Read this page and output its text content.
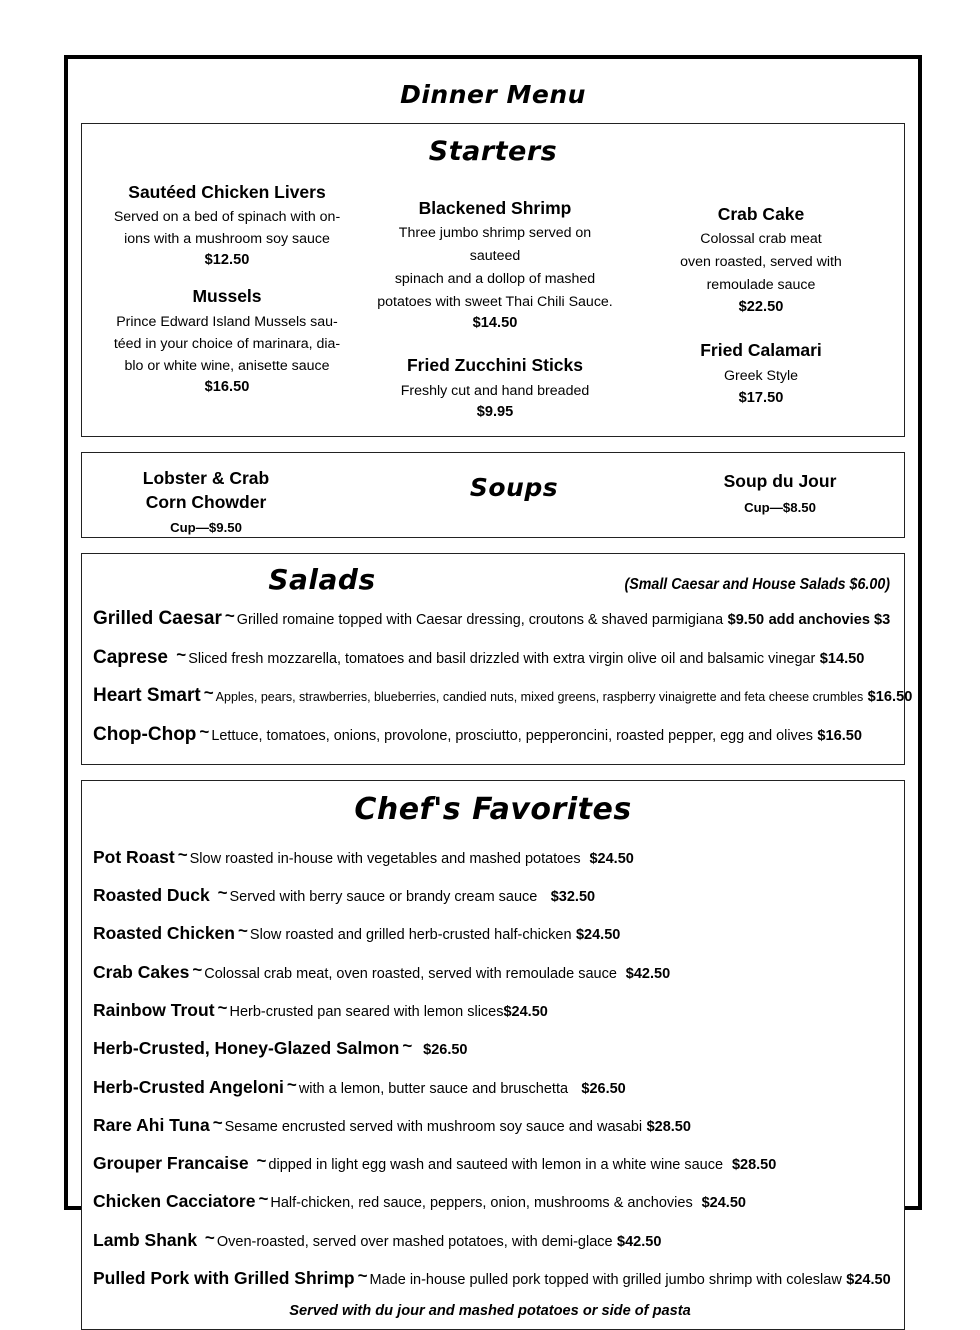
Dinner Menu
Starters
Sautéed Chicken Livers
Served on a bed of spinach with on-
ions with a mushroom soy sauce
$12.50
Mussels
Prince Edward Island Mussels sau-
téed in your choice of marinara, dia-
blo or white wine, anisette sauce
$16.50
Blackened Shrimp
Three jumbo shrimp served on sauteed
spinach and a dollop of mashed
potatoes with sweet Thai Chili Sauce.
$14.50
Fried Zucchini Sticks
Freshly cut and hand breaded
$9.95
Crab Cake
Colossal crab meat
oven roasted, served with
remoulade sauce
$22.50
Fried Calamari
Greek Style
$17.50
Lobster & Crab
Corn Chowder
Cup—$9.50
Soups	Soup du Jour
Cup—$8.50
Salads	(Small Caesar and House Salads $6.00)
Grilled Caesar ~ Grilled romaine topped with Caesar dressing, croutons & shaved parmigiana $9.50 add anchovies $3
Caprese ~ Sliced fresh mozzarella, tomatoes and basil drizzled with extra virgin olive oil and balsamic vinegar $14.50
Heart Smart ~ Apples, pears, strawberries, blueberries, candied nuts, mixed greens, raspberry vinaigrette and feta cheese crumbles $16.50
Chop-Chop ~ Lettuce, tomatoes, onions, provolone, prosciutto, pepperoncini, roasted pepper, egg and olives $16.50
Chef's Favorites
Pot Roast ~ Slow roasted in-house with vegetables and mashed potatoes $24.50
Roasted Duck ~ Served with berry sauce or brandy cream sauce $32.50
Roasted Chicken ~ Slow roasted and grilled herb-crusted half-chicken $24.50
Crab Cakes ~ Colossal crab meat, oven roasted, served with remoulade sauce $42.50
Rainbow Trout ~ Herb-crusted pan seared with lemon slices$24.50
Herb-Crusted, Honey-Glazed Salmon ~ $26.50
Herb-Crusted Angeloni ~ with a lemon, butter sauce and bruschetta $26.50
Rare Ahi Tuna ~ Sesame encrusted served with mushroom soy sauce and wasabi $28.50
Grouper Francaise ~ dipped in light egg wash and sauteed with lemon in a white wine sauce $28.50
Chicken Cacciatore ~ Half-chicken, red sauce, peppers, onion, mushrooms & anchovies $24.50
Lamb Shank ~ Oven-roasted, served over mashed potatoes, with demi-glace $42.50
Pulled Pork with Grilled Shrimp ~ Made in-house pulled pork topped with grilled jumbo shrimp with coleslaw $24.50
Served with du jour and mashed potatoes or side of pasta
